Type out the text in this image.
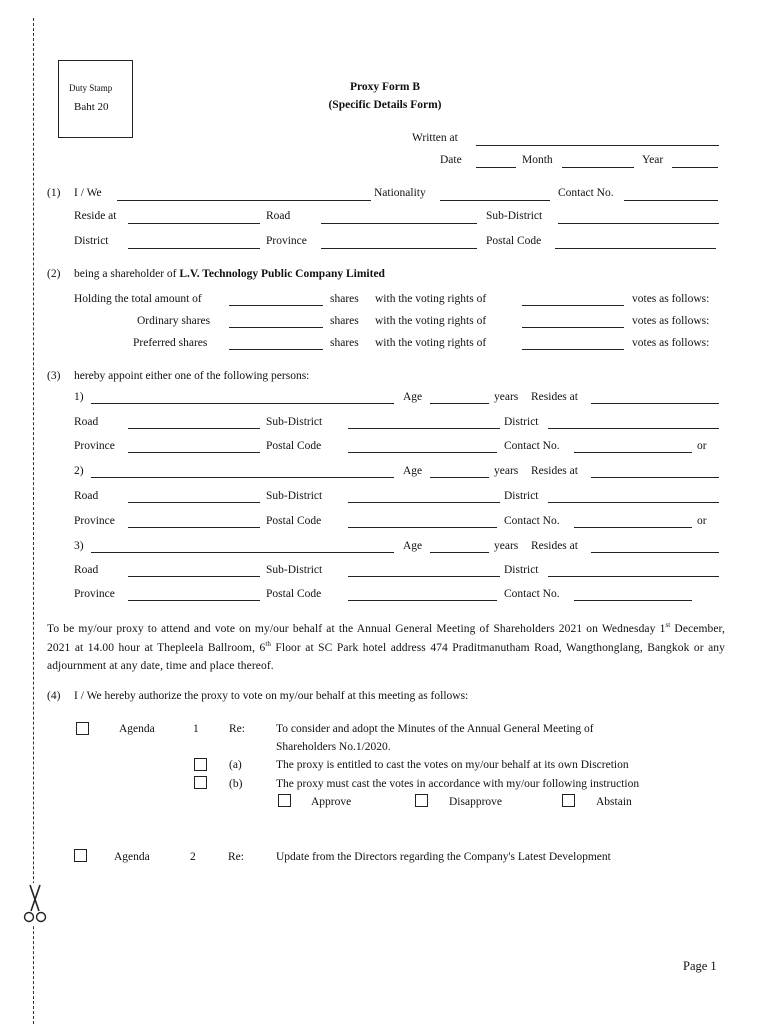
Duty Stamp
Baht 20
Proxy Form B
(Specific Details Form)
Written at
Date	Month	Year
(1) I / We	Nationality	Contact No.
Reside at	Road	Sub-District
District	Province	Postal Code
(2) being a shareholder of L.V. Technology Public Company Limited
Holding the total amount of	shares with the voting rights of	votes as follows:
Ordinary shares	shares with the voting rights of	votes as follows:
Preferred shares	shares with the voting rights of	votes as follows:
(3) hereby appoint either one of the following persons:
1)	Age	years Resides at
Road	Sub-District	District
Province	Postal Code	Contact No.	or
2)	Age	years Resides at
Road	Sub-District	District
Province	Postal Code	Contact No.	or
3)	Age	years Resides at
Road	Sub-District	District
Province	Postal Code	Contact No.
To be my/our proxy to attend and vote on my/our behalf at the Annual General Meeting of Shareholders 2021 on Wednesday 1st December, 2021 at 14.00 hour at Thepleela Ballroom, 6th Floor at SC Park hotel address 474 Praditmanutham Road, Wangthonglang, Bangkok or any adjournment at any date, time and place thereof.
(4) I / We hereby authorize the proxy to vote on my/our behalf at this meeting as follows:
Agenda	1	Re:	To consider and adopt the Minutes of the Annual General Meeting of
Shareholders No.1/2020.
(a)	The proxy is entitled to cast the votes on my/our behalf at its own Discretion
(b)	The proxy must cast the votes in accordance with my/our following instruction
Approve	Disapprove	Abstain
Agenda	2	Re:	Update from the Directors regarding the Company's Latest Development
Page 1
